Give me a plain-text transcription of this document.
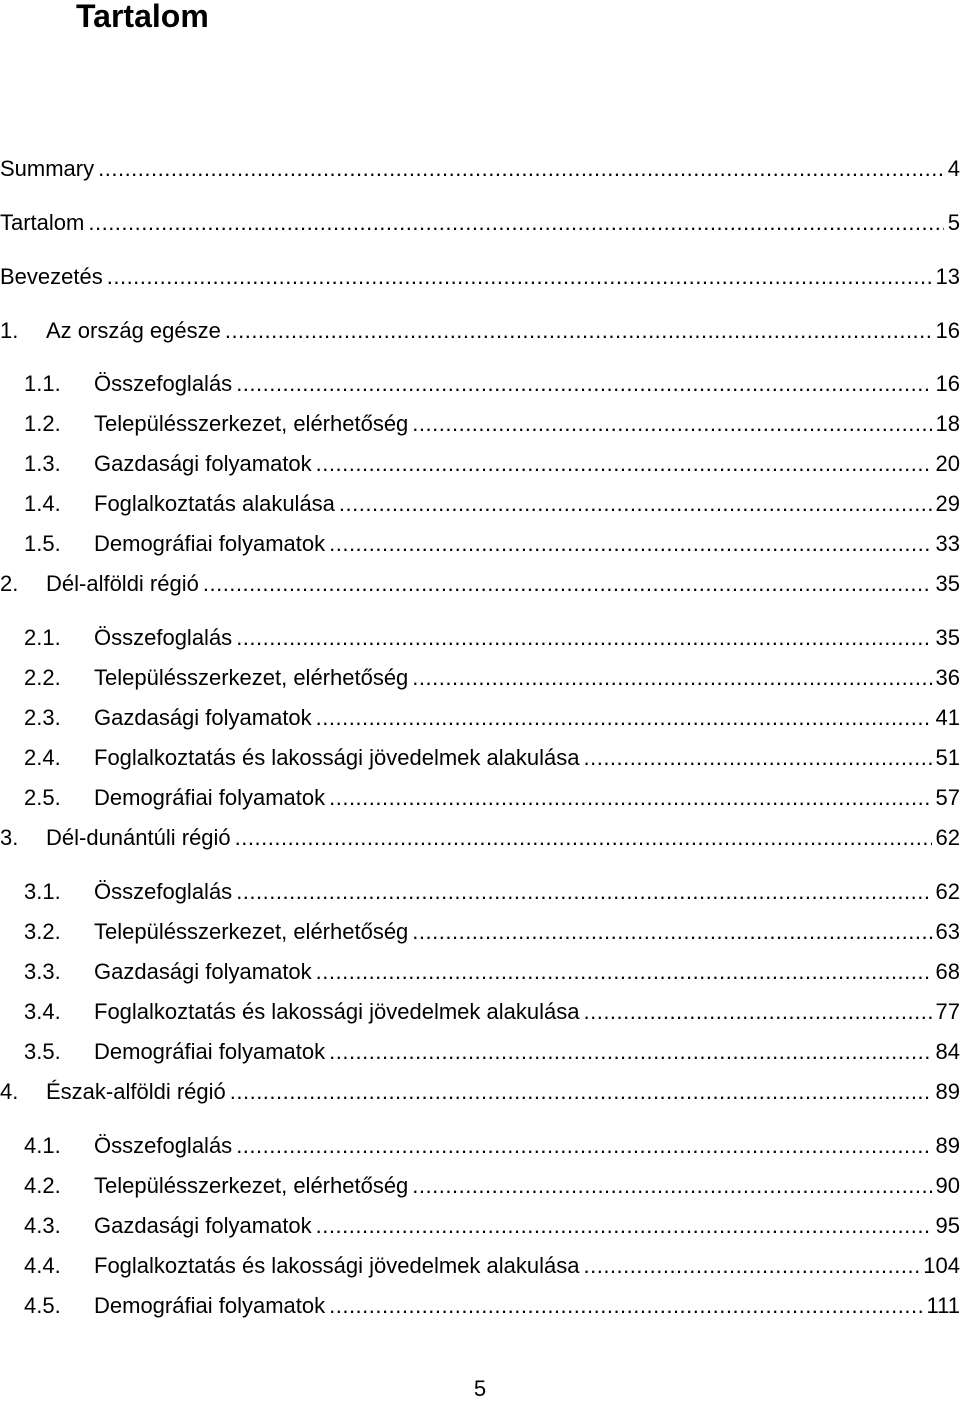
Tartalom
Summary .....	4
Tartalom .....	5
Bevezetés .....	13
1.	Az ország egésze .....	16
1.1.	Összefoglalás .....	16
1.2.	Településszerkezet, elérhetőség .....	18
1.3.	Gazdasági folyamatok .....	20
1.4.	Foglalkoztatás alakulása .....	29
1.5.	Demográfiai folyamatok .....	33
2.	Dél-alföldi régió .....	35
2.1.	Összefoglalás .....	35
2.2.	Településszerkezet, elérhetőség .....	36
2.3.	Gazdasági folyamatok .....	41
2.4.	Foglalkoztatás és lakossági jövedelmek alakulása .....	51
2.5.	Demográfiai folyamatok .....	57
3.	Dél-dunántúli régió .....	62
3.1.	Összefoglalás .....	62
3.2.	Településszerkezet, elérhetőség .....	63
3.3.	Gazdasági folyamatok .....	68
3.4.	Foglalkoztatás és lakossági jövedelmek alakulása .....	77
3.5.	Demográfiai folyamatok .....	84
4.	Észak-alföldi régió .....	89
4.1.	Összefoglalás .....	89
4.2.	Településszerkezet, elérhetőség .....	90
4.3.	Gazdasági folyamatok .....	95
4.4.	Foglalkoztatás és lakossági jövedelmek alakulása .....	104
4.5.	Demográfiai folyamatok .....	111
5
